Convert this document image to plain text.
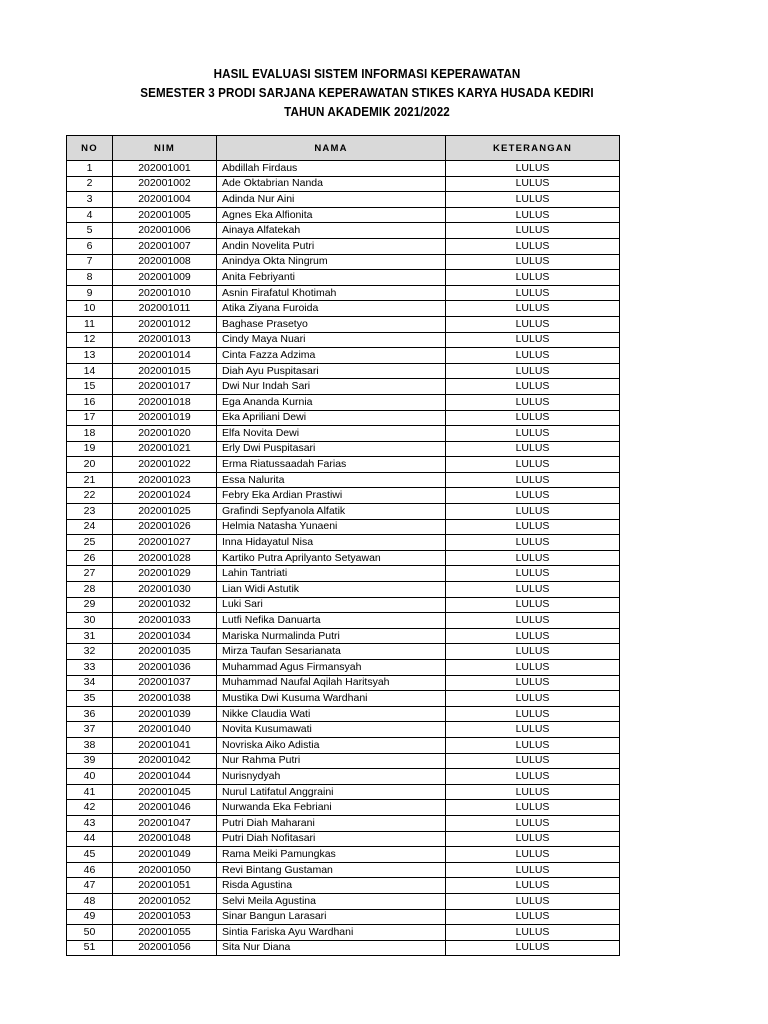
HASIL EVALUASI SISTEM INFORMASI KEPERAWATAN
SEMESTER 3 PRODI SARJANA KEPERAWATAN STIKES KARYA HUSADA KEDIRI
TAHUN AKADEMIK 2021/2022
NO	NIM	NAMA	KETERANGAN
1	202001001	Abdillah Firdaus	LULUS
2	202001002	Ade Oktabrian Nanda	LULUS
3	202001004	Adinda Nur Aini	LULUS
4	202001005	Agnes Eka Alfionita	LULUS
5	202001006	Ainaya Alfatekah	LULUS
6	202001007	Andin Novelita Putri	LULUS
7	202001008	Anindya Okta Ningrum	LULUS
8	202001009	Anita Febriyanti	LULUS
9	202001010	Asnin Firafatul Khotimah	LULUS
10	202001011	Atika Ziyana Furoida	LULUS
11	202001012	Baghase Prasetyo	LULUS
12	202001013	Cindy Maya Nuari	LULUS
13	202001014	Cinta Fazza Adzima	LULUS
14	202001015	Diah Ayu Puspitasari	LULUS
15	202001017	Dwi Nur Indah Sari	LULUS
16	202001018	Ega Ananda Kurnia	LULUS
17	202001019	Eka Apriliani Dewi	LULUS
18	202001020	Elfa Novita Dewi	LULUS
19	202001021	Erly Dwi Puspitasari	LULUS
20	202001022	Erma Riatussaadah Farias	LULUS
21	202001023	Essa Nalurita	LULUS
22	202001024	Febry Eka Ardian Prastiwi	LULUS
23	202001025	Grafindi Sepfyanola Alfatik	LULUS
24	202001026	Helmia Natasha Yunaeni	LULUS
25	202001027	Inna Hidayatul Nisa	LULUS
26	202001028	Kartiko Putra Aprilyanto Setyawan	LULUS
27	202001029	Lahin Tantriati	LULUS
28	202001030	Lian Widi Astutik	LULUS
29	202001032	Luki Sari	LULUS
30	202001033	Lutfi Nefika Danuarta	LULUS
31	202001034	Mariska Nurmalinda Putri	LULUS
32	202001035	Mirza Taufan Sesarianata	LULUS
33	202001036	Muhammad Agus Firmansyah	LULUS
34	202001037	Muhammad Naufal Aqilah Haritsyah	LULUS
35	202001038	Mustika Dwi Kusuma Wardhani	LULUS
36	202001039	Nikke Claudia Wati	LULUS
37	202001040	Novita Kusumawati	LULUS
38	202001041	Novriska Aiko Adistia	LULUS
39	202001042	Nur Rahma Putri	LULUS
40	202001044	Nurisnydyah	LULUS
41	202001045	Nurul Latifatul Anggraini	LULUS
42	202001046	Nurwanda Eka Febriani	LULUS
43	202001047	Putri Diah Maharani	LULUS
44	202001048	Putri Diah Nofitasari	LULUS
45	202001049	Rama Meiki Pamungkas	LULUS
46	202001050	Revi Bintang Gustaman	LULUS
47	202001051	Risda Agustina	LULUS
48	202001052	Selvi Meila Agustina	LULUS
49	202001053	Sinar Bangun Larasari	LULUS
50	202001055	Sintia Fariska Ayu Wardhani	LULUS
51	202001056	Sita Nur Diana	LULUS
